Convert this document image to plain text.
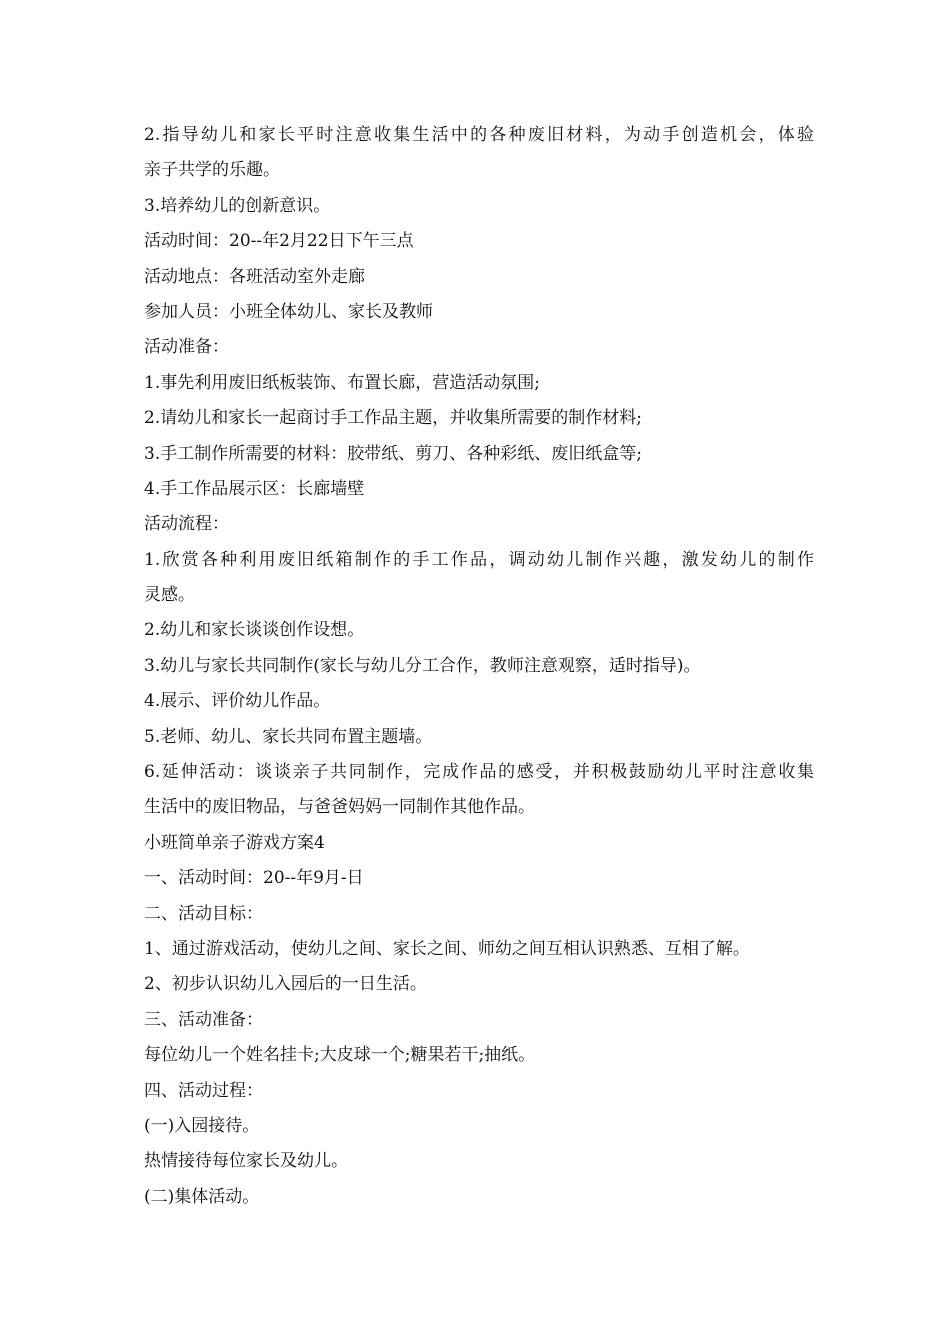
2.指导幼儿和家长平时注意收集生活中的各种废旧材料，为动手创造机会，体验
亲子共学的乐趣。
3.培养幼儿的创新意识。
活动时间：20--年2月22日下午三点
活动地点：各班活动室外走廊
参加人员：小班全体幼儿、家长及教师
活动准备：
1.事先利用废旧纸板装饰、布置长廊，营造活动氛围;
2.请幼儿和家长一起商讨手工作品主题，并收集所需要的制作材料;
3.手工制作所需要的材料：胶带纸、剪刀、各种彩纸、废旧纸盒等;
4.手工作品展示区：长廊墙壁
活动流程：
1.欣赏各种利用废旧纸箱制作的手工作品，调动幼儿制作兴趣，激发幼儿的制作
灵感。
2.幼儿和家长谈谈创作设想。
3.幼儿与家长共同制作(家长与幼儿分工合作，教师注意观察，适时指导)。
4.展示、评价幼儿作品。
5.老师、幼儿、家长共同布置主题墙。
6.延伸活动：谈谈亲子共同制作，完成作品的感受，并积极鼓励幼儿平时注意收集
生活中的废旧物品，与爸爸妈妈一同制作其他作品。
小班简单亲子游戏方案4
一、活动时间：20--年9月-日
二、活动目标：
1、通过游戏活动，使幼儿之间、家长之间、师幼之间互相认识熟悉、互相了解。
2、初步认识幼儿入园后的一日生活。
三、活动准备：
每位幼儿一个姓名挂卡;大皮球一个;糖果若干;抽纸。
四、活动过程：
(一)入园接待。
热情接待每位家长及幼儿。
(二)集体活动。
